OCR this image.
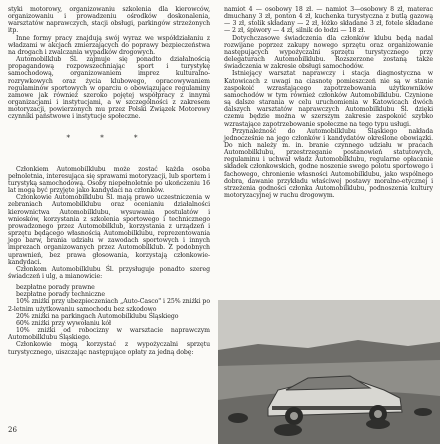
styki motorowy, organizowaniu szkolenia dla kierowców, organizowaniu i prowadzeniu ośrodków doskonalenia, warsztatów naprawczych, stacji obsługi, parkingów strzeżonych itp.

Inne formy pracy znajdują swój wyraz we współdziałaniu z władzami w akcjach zmierzających do poprawy bezpieczeństwa na drogach i zwalczania wypadków drogowych.

Automobilklub Śl. zajmuje się ponadto działalnością propagandową rozpowszechniając sport i turystykę samochodową, organizowaniem imprez kulturalno-rozrywkowych oraz życia klubowego, opracowywaniem regulaminów sportowych w oparciu o obowiązujące regulaminy zamowe jak również szeroko pojętej współpracy z innymi organizacjami i instytucjami, a w szczególności z zakresem motoryzacji, powierzonych mu przez Polski Związek Motorowy czynniki państwowe i instytucje społeczne.

* * *

Członkiem Automobilklubu może zostać każda osoba pełnoletnia, interesująca się sprawami motoryzacji, lub sportem i turystyką samochodową. Osoby niepełnoletnie po ukończeniu 16 lat mogą być przyjęte jako kandydaci na członków.

Członkowie Automobilklubu Śl. mają prawo uczestniczenia w zebraniach Automobilklubu oraz ocenianiu działalności kierownictwa Automobilklubu, wysuwania postulatów i wniosków, korzystania z szkolenia sportowego i technicznego prowadzonego przez Automobilklub, korzystania z urządzeń i sprzętu będącego własnością Automobilklubu, reprezentowania jego barw, brania udziału w zawodach sportowych i innych imprezach organizowanych przez Automobilklub. Z podobnych uprawnień, bez prawa głosowania, korzystają członkowie-kandydaci.

Członkom Automobilklubu Śl. przysługuje ponadto szereg świadczeń i ulg, a mianowicie:

bezpłatne porady prawne

bezpłatne porady techniczne

10% zniżki przy ubezpieczeniach „Auto-Casco" i 25% zniżki po 2-letnim użytkowaniu samochodu bez szkodowo

20% zniżki na parkingach Automobilklubu Śląskiego

60% zniżki przy wywołaniu kół

10% zniżki od robocizny w warsztacie naprawczym Automobilklubu Śląskiego.

Członkowie mogą korzystać z wypożyczalni sprzętu turystycznego, uiszczając następujące opłaty za jedną dobę:

namiot 4 — osobowy 18 zł. — namiot 3—osobowy 8 zł, materac dmuchany 3 zł, ponton 4 zł, kuchenka turystyczna z butlą gazową — 3 zł, stolik składany — 2 zł, łóżko składane 3 zł, fotele składane — 2 zł, śpiwory — 4 zł, silnik do łodzi — 18 zł.

Dotychczasowe świadczenia dla członków klubu będą nadal rozwijane poprzez zakupy nowego sprzętu oraz organizowanie następujących wypożyczalni sprzętu turystycznego przy delegaturach Automobilklubu. Rozszerzone zostaną także świadczenia w zakresie obsługi samochodów.

Istniejący warsztat naprawczy i stacja diagnostyczna w Katowicach z uwagi na ciasnotę pomieszczeń nie są w stanie zaspokoić wzrastającego zapotrzebowania użytkowników samochodów w tym również członków Automobilklubu. Czynione są dalsze starania w celu uruchomienia w Katowicach dwóch dalszych warsztatów naprawczych Automobilklubu Śl. dzięki czemu będzie można w szerszym zakresie zaspokoić szybko wzrastające zapotrzebowanie społeczne na tego typu usługi.

Przynależność do Automobilklubu Śląskiego nakłada jednocześnie na jego członków i kandydatów określone obowiązki. Do nich należy m. in. branie czynnego udziału w pracach Automobilklubu, przestrzeganie postanowień statutowych, regulaminu i uchwał władz Automobilklubu, regularne opłacanie składek członkowskich, godne noszenie swego polotu sportowego i fachowego, chronienie własności Automobilklubu, jako wspólnego dobra, dawanie przykładu właściwej postawy moralno-etycznej i strzeżenia godności członka Automobilklubu, podnoszenia kultury motoryzacyjnej w ruchu drogowym.

26
